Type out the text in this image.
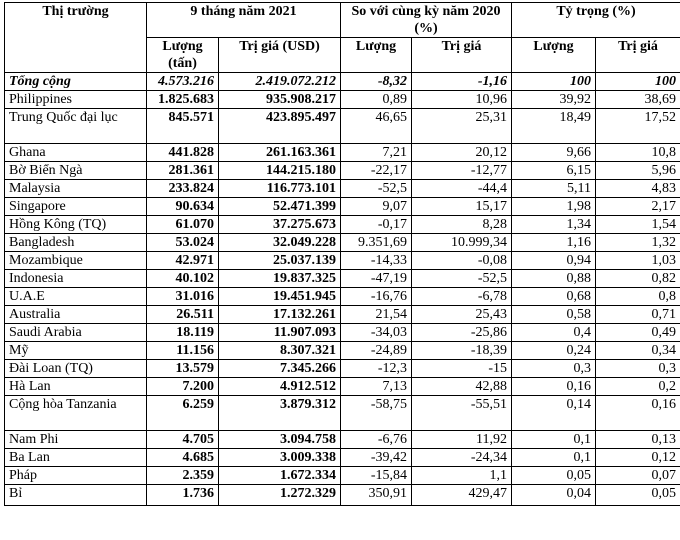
Thị trường	9 tháng năm 2021		So với cùng kỳ năm 2020 (%)		Tỷ trọng (%)	
	Lượng (tấn)	Trị giá (USD)	Lượng	Trị giá	Lượng	Trị giá
Tổng cộng	4.573.216	2.419.072.212	-8,32	-1,16	100	100
Philippines	1.825.683	935.908.217	0,89	10,96	39,92	38,69
Trung Quốc đại lục	845.571	423.895.497	46,65	25,31	18,49	17,52
Ghana	441.828	261.163.361	7,21	20,12	9,66	10,8
Bờ Biển Ngà	281.361	144.215.180	-22,17	-12,77	6,15	5,96
Malaysia	233.824	116.773.101	-52,5	-44,4	5,11	4,83
Singapore	90.634	52.471.399	9,07	15,17	1,98	2,17
Hồng Kông (TQ)	61.070	37.275.673	-0,17	8,28	1,34	1,54
Bangladesh	53.024	32.049.228	9.351,69	10.999,34	1,16	1,32
Mozambique	42.971	25.037.139	-14,33	-0,08	0,94	1,03
Indonesia	40.102	19.837.325	-47,19	-52,5	0,88	0,82
U.A.E	31.016	19.451.945	-16,76	-6,78	0,68	0,8
Australia	26.511	17.132.261	21,54	25,43	0,58	0,71
Saudi Arabia	18.119	11.907.093	-34,03	-25,86	0,4	0,49
Mỹ	11.156	8.307.321	-24,89	-18,39	0,24	0,34
Đài Loan (TQ)	13.579	7.345.266	-12,3	-15	0,3	0,3
Hà Lan	7.200	4.912.512	7,13	42,88	0,16	0,2
Cộng hòa Tanzania	6.259	3.879.312	-58,75	-55,51	0,14	0,16
Nam Phi	4.705	3.094.758	-6,76	11,92	0,1	0,13
Ba Lan	4.685	3.009.338	-39,42	-24,34	0,1	0,12
Pháp	2.359	1.672.334	-15,84	1,1	0,05	0,07
Bỉ	1.736	1.272.329	350,91	429,47	0,04	0,05
